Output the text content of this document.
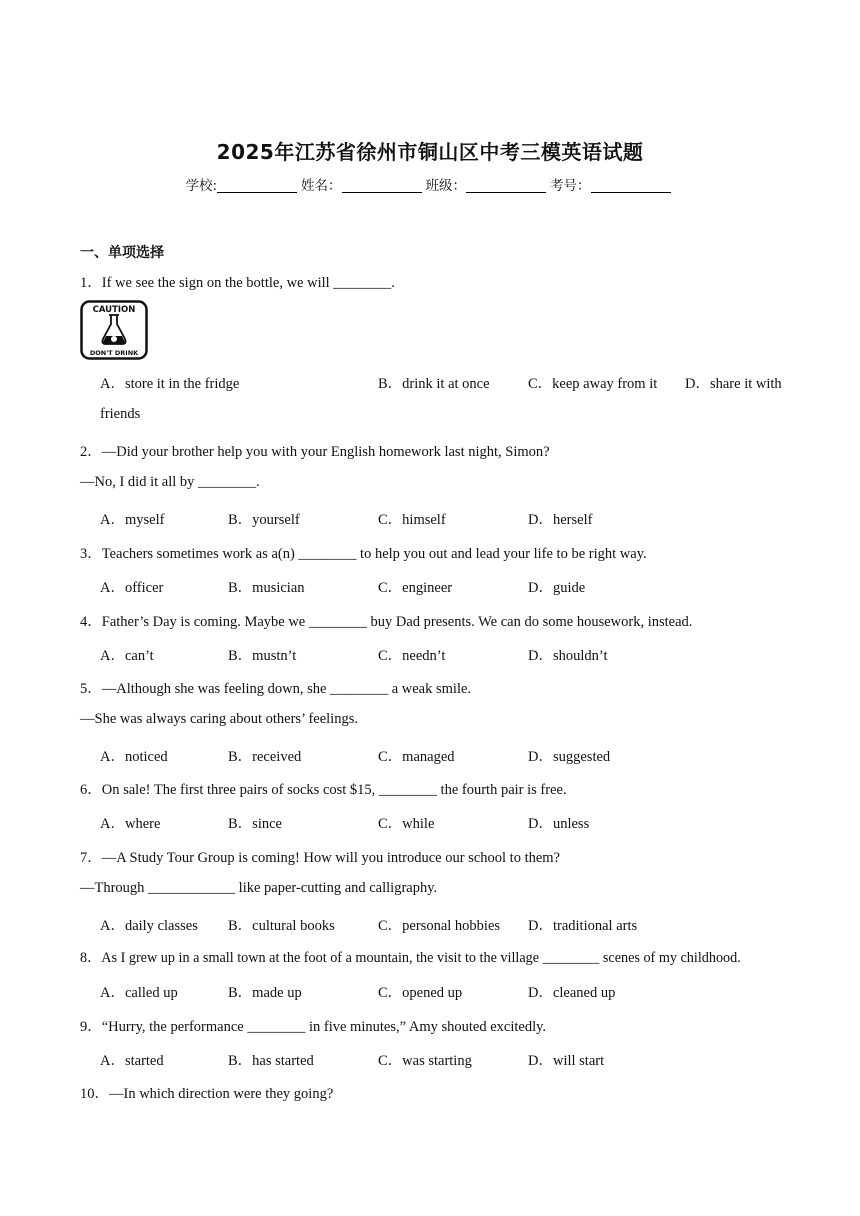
2025年江苏省徐州市铜山区中考三模英语试题
学校:	姓名：	班级：	考号：
一、单项选择
1．If we see the sign on the bottle, we will ________.
CAUTION
DON'T DRINK
A．store it in the fridge	B．drink it at once	C．keep away from it D．share it with
friends
2．—Did your brother help you with your English homework last night, Simon?
—No, I did it all by ________.
A．myself	B．yourself	C．himself	D．herself
3．Teachers sometimes work as a(n) ________ to help you out and lead your life to be right way.
A．officer	B．musician	C．engineer	D．guide
4．Father’s Day is coming. Maybe we ________ buy Dad presents. We can do some housework, instead.
A．can’t	B．mustn’t	C．needn’t	D．shouldn’t
5．—Although she was feeling down, she ________ a weak smile.
—She was always caring about others’ feelings.
A．noticed	B．received	C．managed	D．suggested
6．On sale! The first three pairs of socks cost $15, ________ the fourth pair is free.
A．where	B．since	C．while	D．unless
7．—A Study Tour Group is coming! How will you introduce our school to them?
—Through ____________ like paper-cutting and calligraphy.
A．daily classes B．cultural books	C．personal hobbies D．traditional arts
8．As I grew up in a small town at the foot of a mountain, the visit to the village ________ scenes of my childhood.
A．called up	B．made up	C．opened up	D．cleaned up
9．“Hurry, the performance ________ in five minutes,” Amy shouted excitedly.
A．started	B．has started	C．was starting	D．will start
10．—In which direction were they going?
